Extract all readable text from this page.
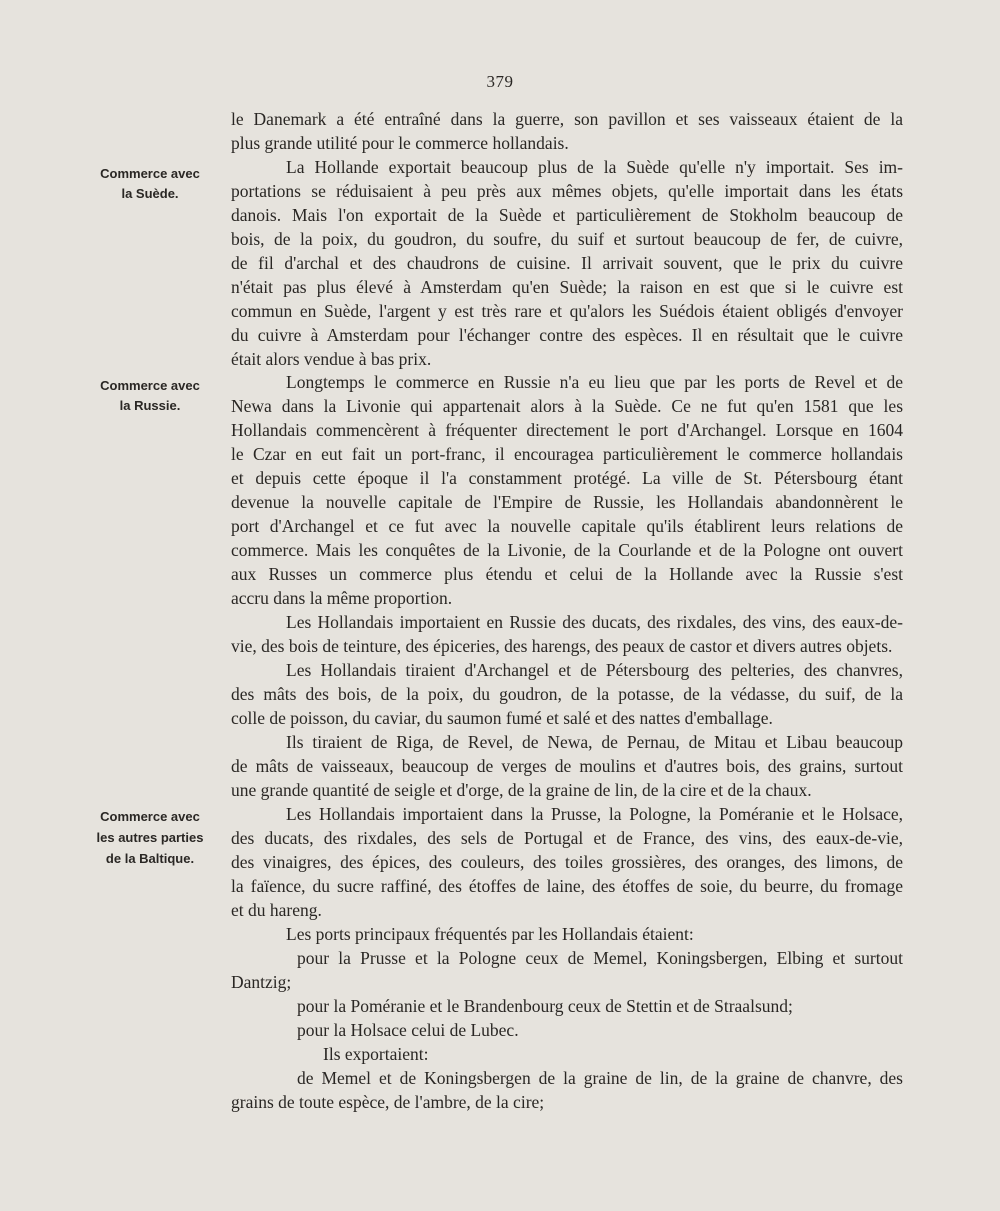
379
Commerce avec
la Suède.
Commerce avec
la Russie.
Commerce avec
les autres parties
de la Baltique.
le Danemark a été entraîné dans la guerre, son pavillon et ses vaisseaux étaient de la
plus grande utilité pour le commerce hollandais.
La Hollande exportait beaucoup plus de la Suède qu'elle n'y importait. Ses im-
portations se réduisaient à peu près aux mêmes objets, qu'elle importait dans les états
danois. Mais l'on exportait de la Suède et particulièrement de Stokholm beaucoup de
bois, de la poix, du goudron, du soufre, du suif et surtout beaucoup de fer, de cuivre,
de fil d'archal et des chaudrons de cuisine. Il arrivait souvent, que le prix du cuivre
n'était pas plus élevé à Amsterdam qu'en Suède; la raison en est que si le cuivre est
commun en Suède, l'argent y est très rare et qu'alors les Suédois étaient obligés d'envoyer
du cuivre à Amsterdam pour l'échanger contre des espèces. Il en résultait que le cuivre
était alors vendue à bas prix.
Longtemps le commerce en Russie n'a eu lieu que par les ports de Revel et de
Newa dans la Livonie qui appartenait alors à la Suède. Ce ne fut qu'en 1581 que les
Hollandais commencèrent à fréquenter directement le port d'Archangel. Lorsque en 1604
le Czar en eut fait un port-franc, il encouragea particulièrement le commerce hollandais
et depuis cette époque il l'a constamment protégé. La ville de St. Pétersbourg étant
devenue la nouvelle capitale de l'Empire de Russie, les Hollandais abandonnèrent le
port d'Archangel et ce fut avec la nouvelle capitale qu'ils établirent leurs relations de
commerce. Mais les conquêtes de la Livonie, de la Courlande et de la Pologne ont ouvert
aux Russes un commerce plus étendu et celui de la Hollande avec la Russie s'est
accru dans la même proportion.
Les Hollandais importaient en Russie des ducats, des rixdales, des vins, des eaux-de-
vie, des bois de teinture, des épiceries, des harengs, des peaux de castor et divers autres objets.
Les Hollandais tiraient d'Archangel et de Pétersbourg des pelteries, des chanvres,
des mâts des bois, de la poix, du goudron, de la potasse, de la védasse, du suif, de la
colle de poisson, du caviar, du saumon fumé et salé et des nattes d'emballage.
Ils tiraient de Riga, de Revel, de Newa, de Pernau, de Mitau et Libau beaucoup
de mâts de vaisseaux, beaucoup de verges de moulins et d'autres bois, des grains, surtout
une grande quantité de seigle et d'orge, de la graine de lin, de la cire et de la chaux.
Les Hollandais importaient dans la Prusse, la Pologne, la Poméranie et le Holsace,
des ducats, des rixdales, des sels de Portugal et de France, des vins, des eaux-de-vie,
des vinaigres, des épices, des couleurs, des toiles grossières, des oranges, des limons, de
la faïence, du sucre raffiné, des étoffes de laine, des étoffes de soie, du beurre, du fromage
et du hareng.
Les ports principaux fréquentés par les Hollandais étaient:
pour la Prusse et la Pologne ceux de Memel, Koningsbergen, Elbing et surtout
Dantzig;
pour la Poméranie et le Brandenbourg ceux de Stettin et de Straalsund;
pour la Holsace celui de Lubec.
Ils exportaient:
de Memel et de Koningsbergen de la graine de lin, de la graine de chanvre, des
grains de toute espèce, de l'ambre, de la cire;
